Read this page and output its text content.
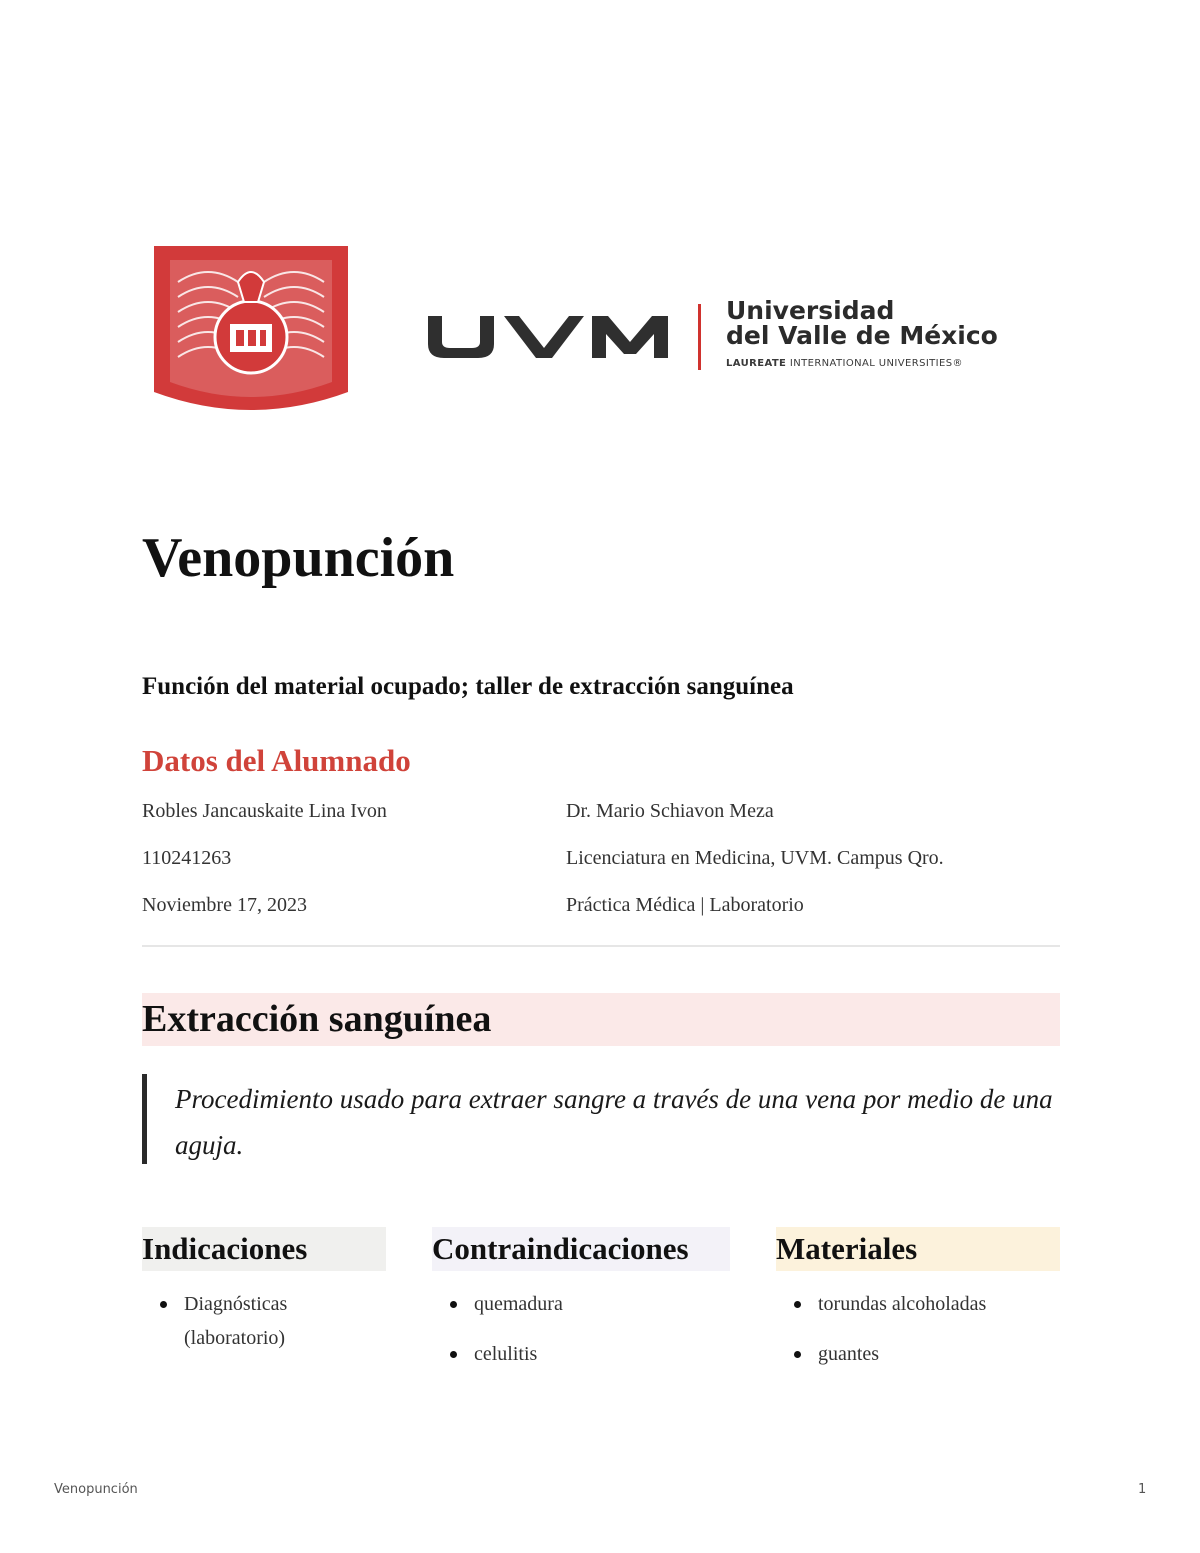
Universidad
del Valle de México
LAUREATE INTERNATIONAL UNIVERSITIES®
Venopunción
Función del material ocupado; taller de extracción sanguínea
Datos del Alumnado
Robles Jancauskaite Lina Ivon	Dr. Mario Schiavon Meza
110241263	Licenciatura en Medicina, UVM. Campus Qro.
Noviembre 17, 2023	Práctica Médica | Laboratorio
Extracción sanguínea
Procedimiento usado para extraer sangre a través de una vena por medio de una aguja.
Indicaciones
Diagnósticas (laboratorio)
Contraindicaciones
quemadura
celulitis
Materiales
torundas alcoholadas
guantes
Venopunción	1
